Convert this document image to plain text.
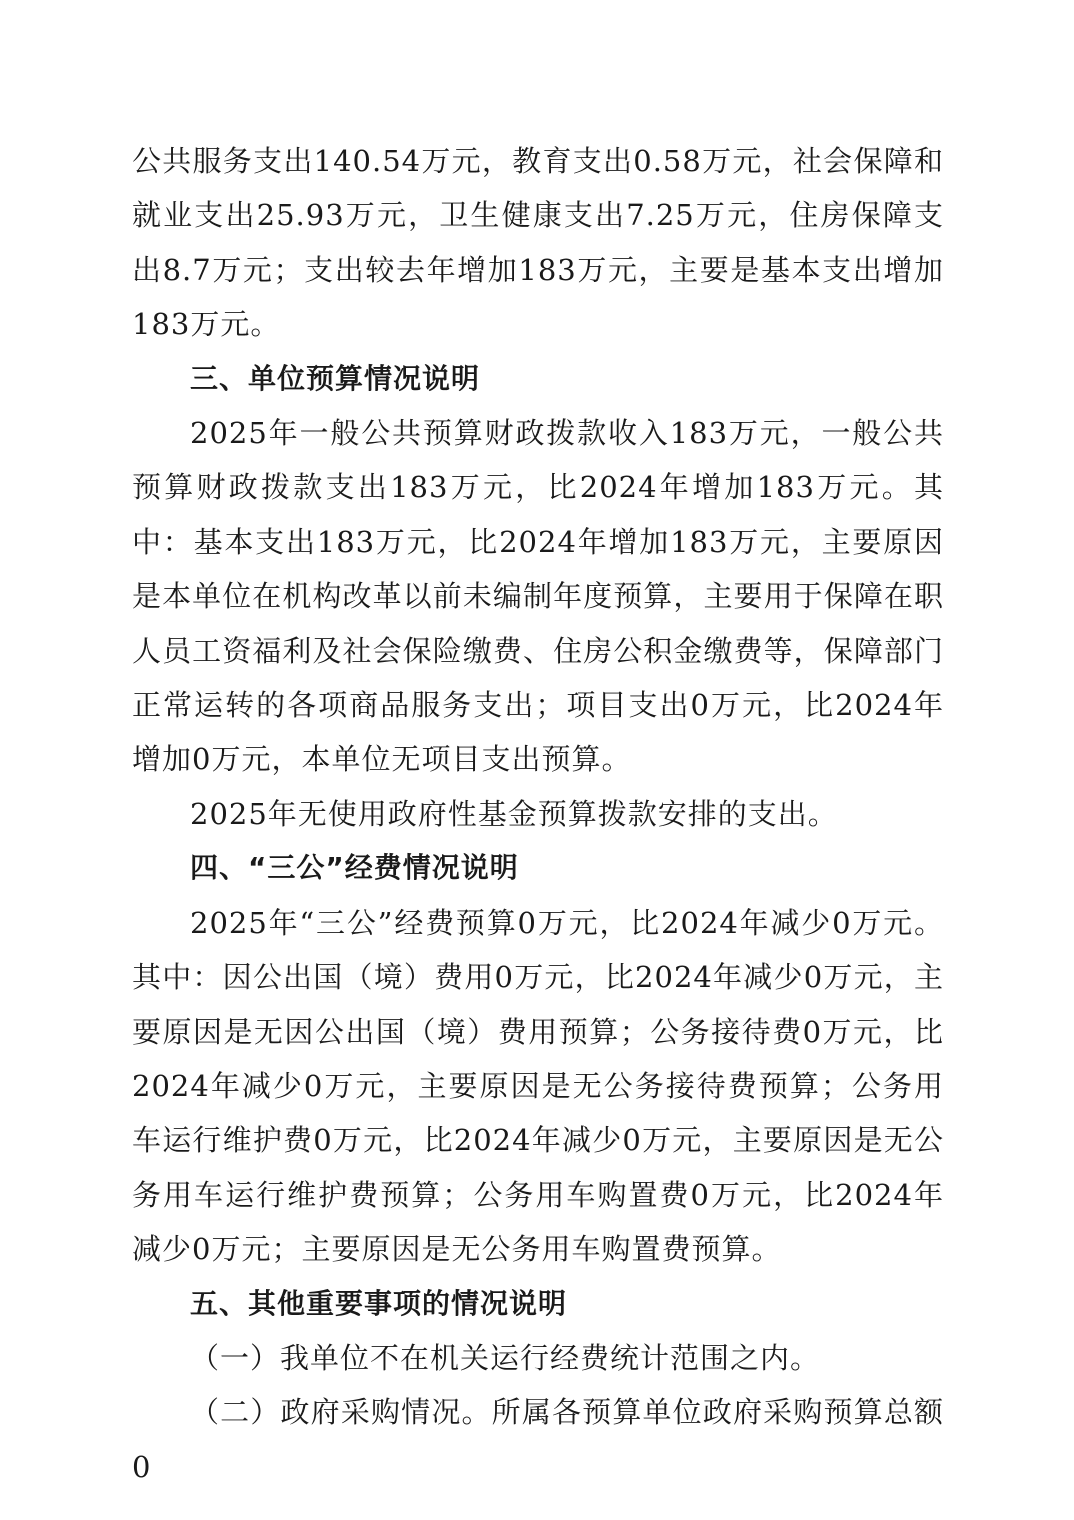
公共服务支出140.54万元，教育支出0.58万元，社会保障和就业支出25.93万元，卫生健康支出7.25万元，住房保障支出8.7万元；支出较去年增加183万元，主要是基本支出增加183万元。

三、单位预算情况说明

2025年一般公共预算财政拨款收入183万元，一般公共预算财政拨款支出183万元，比2024年增加183万元。其中：基本支出183万元，比2024年增加183万元，主要原因是本单位在机构改革以前未编制年度预算，主要用于保障在职人员工资福利及社会保险缴费、住房公积金缴费等，保障部门正常运转的各项商品服务支出；项目支出0万元，比2024年增加0万元，本单位无项目支出预算。

2025年无使用政府性基金预算拨款安排的支出。

四、“三公”经费情况说明

2025年“三公”经费预算0万元，比2024年减少0万元。其中：因公出国（境）费用0万元，比2024年减少0万元，主要原因是无因公出国（境）费用预算；公务接待费0万元，比2024年减少0万元，主要原因是无公务接待费预算；公务用车运行维护费0万元，比2024年减少0万元，主要原因是无公务用车运行维护费预算；公务用车购置费0万元，比2024年减少0万元；主要原因是无公务用车购置费预算。

五、其他重要事项的情况说明

（一）我单位不在机关运行经费统计范围之内。

（二）政府采购情况。所属各预算单位政府采购预算总额0
